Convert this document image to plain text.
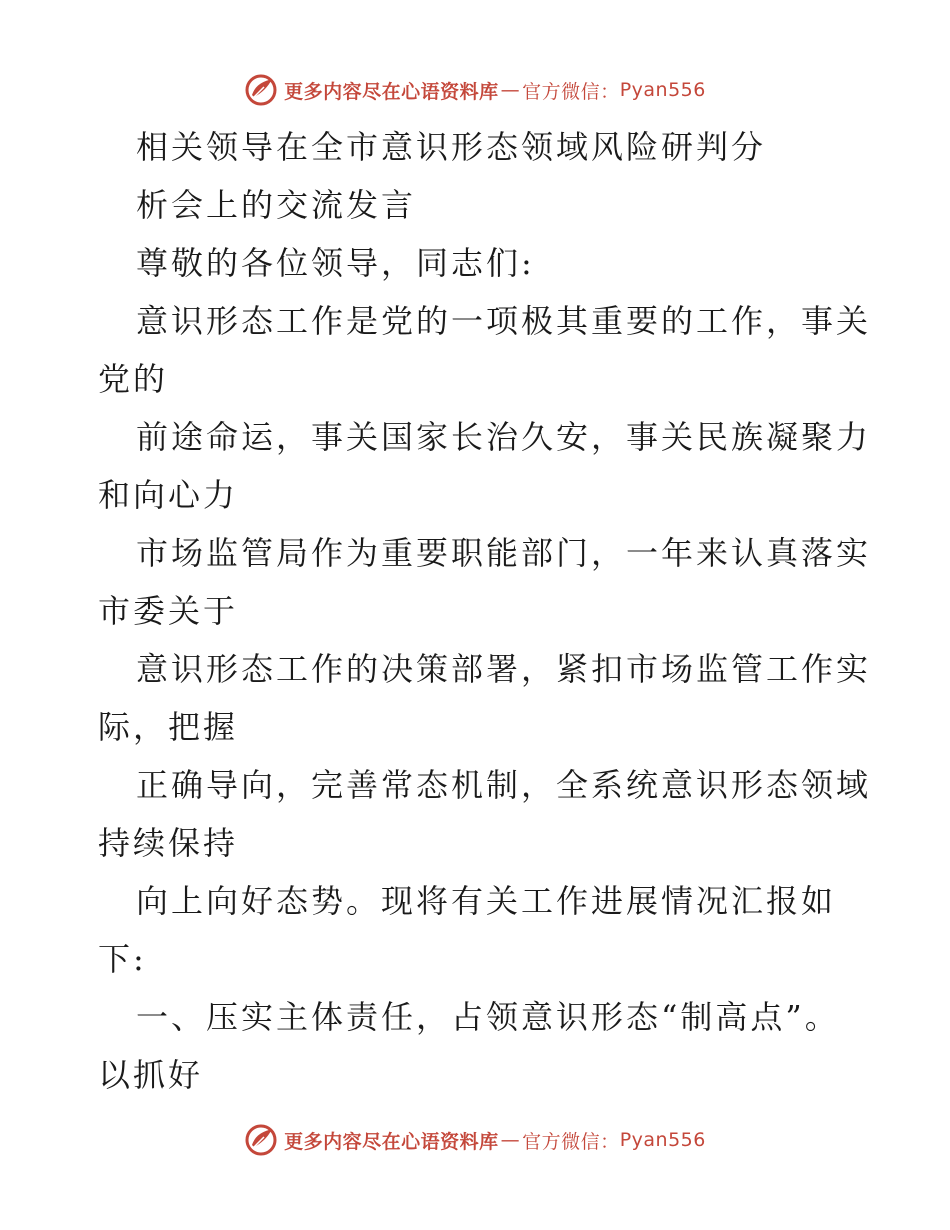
更多内容尽在心语资料库 — 官方微信： Pyan556
相关领导在全市意识形态领域风险研判分
析会上的交流发言
尊敬的各位领导，同志们:
意识形态工作是党的一项极其重要的工作，事关
党的
前途命运，事关国家长治久安，事关民族凝聚力
和向心力
市场监管局作为重要职能部门，一年来认真落实
市委关于
意识形态工作的决策部署，紧扣市场监管工作实
际，把握
正确导向，完善常态机制，全系统意识形态领域
持续保持
向上向好态势。现将有关工作进展情况汇报如
下:
一、压实主体责任，占领意识形态“制高点”。
以抓好
更多内容尽在心语资料库 — 官方微信： Pyan556
